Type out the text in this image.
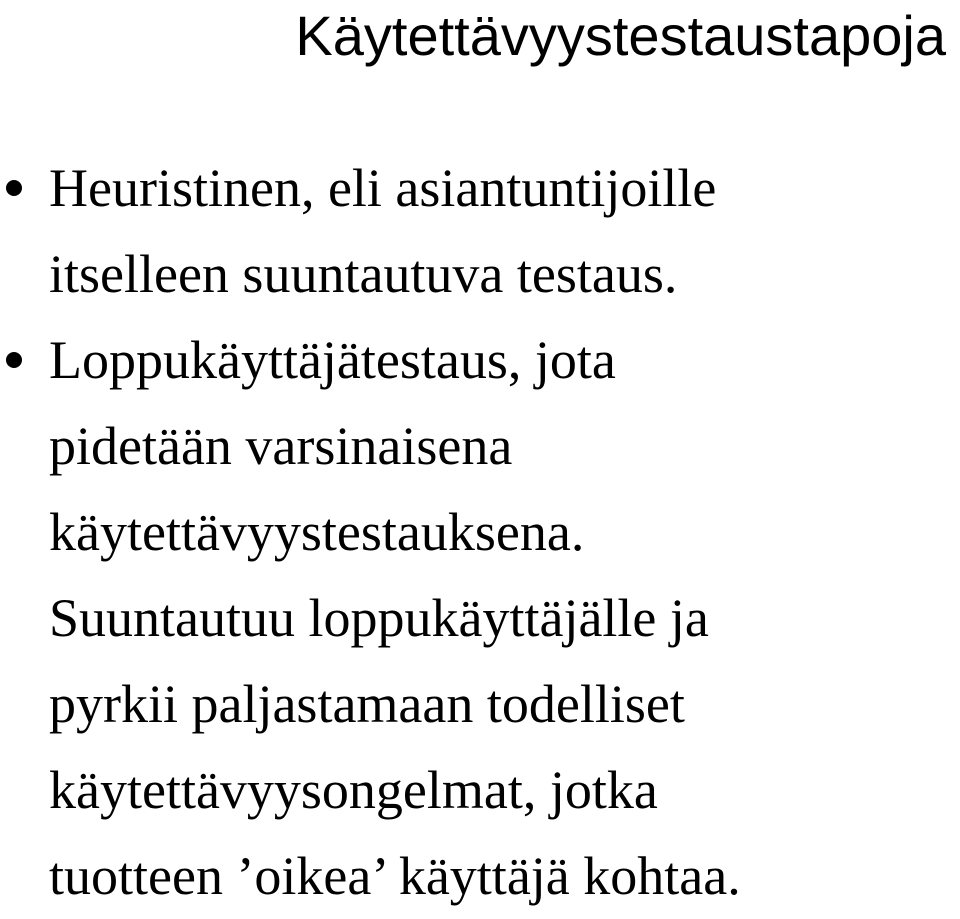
Käytettävyystestaustapoja
Heuristinen, eli asiantuntijoille
itselleen suuntautuva testaus.
Loppukäyttäjätestaus, jota
pidetään varsinaisena
käytettävyystestauksena.
Suuntautuu loppukäyttäjälle ja
pyrkii paljastamaan todelliset
käytettävyysongelmat, jotka
tuotteen ’oikea’ käyttäjä kohtaa.
